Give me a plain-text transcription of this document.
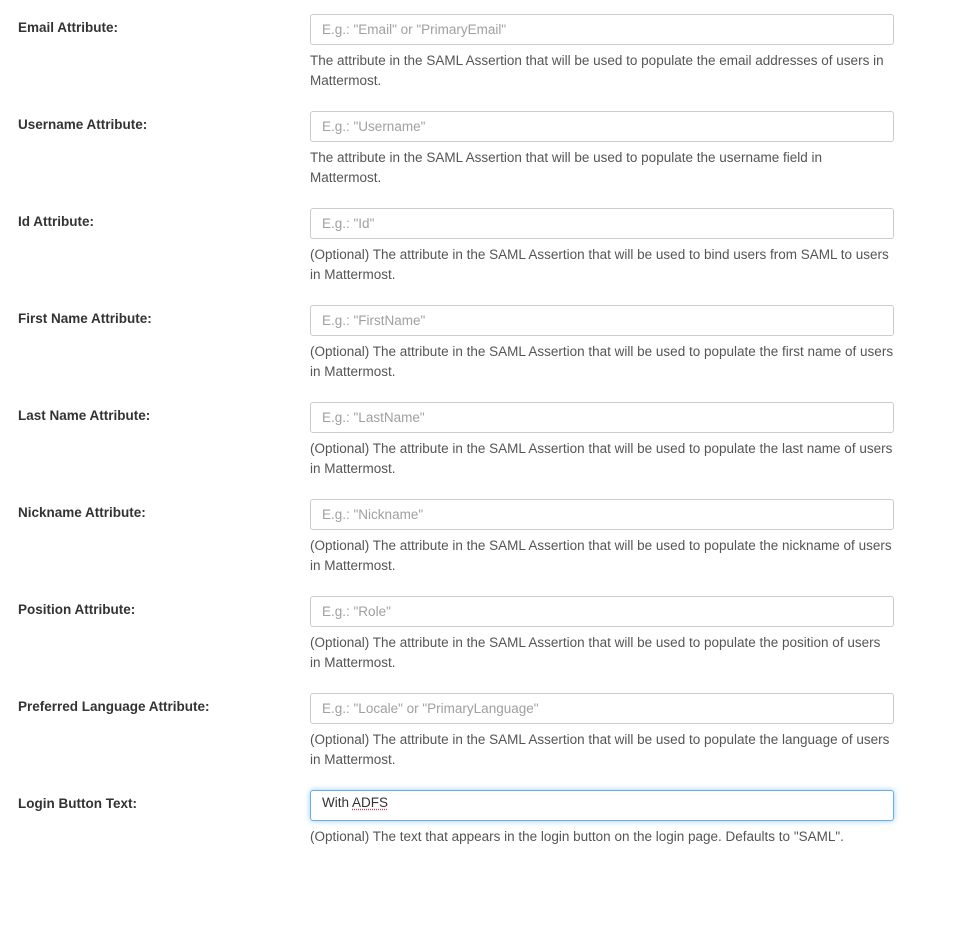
Email Attribute:
E.g.: "Email" or "PrimaryEmail"
The attribute in the SAML Assertion that will be used to populate the email addresses of users in Mattermost.
Username Attribute:
E.g.: "Username"
The attribute in the SAML Assertion that will be used to populate the username field in Mattermost.
Id Attribute:
E.g.: "Id"
(Optional) The attribute in the SAML Assertion that will be used to bind users from SAML to users in Mattermost.
First Name Attribute:
E.g.: "FirstName"
(Optional) The attribute in the SAML Assertion that will be used to populate the first name of users in Mattermost.
Last Name Attribute:
E.g.: "LastName"
(Optional) The attribute in the SAML Assertion that will be used to populate the last name of users in Mattermost.
Nickname Attribute:
E.g.: "Nickname"
(Optional) The attribute in the SAML Assertion that will be used to populate the nickname of users in Mattermost.
Position Attribute:
E.g.: "Role"
(Optional) The attribute in the SAML Assertion that will be used to populate the position of users in Mattermost.
Preferred Language Attribute:
E.g.: "Locale" or "PrimaryLanguage"
(Optional) The attribute in the SAML Assertion that will be used to populate the language of users in Mattermost.
Login Button Text:	With ADFS
(Optional) The text that appears in the login button on the login page. Defaults to "SAML".
